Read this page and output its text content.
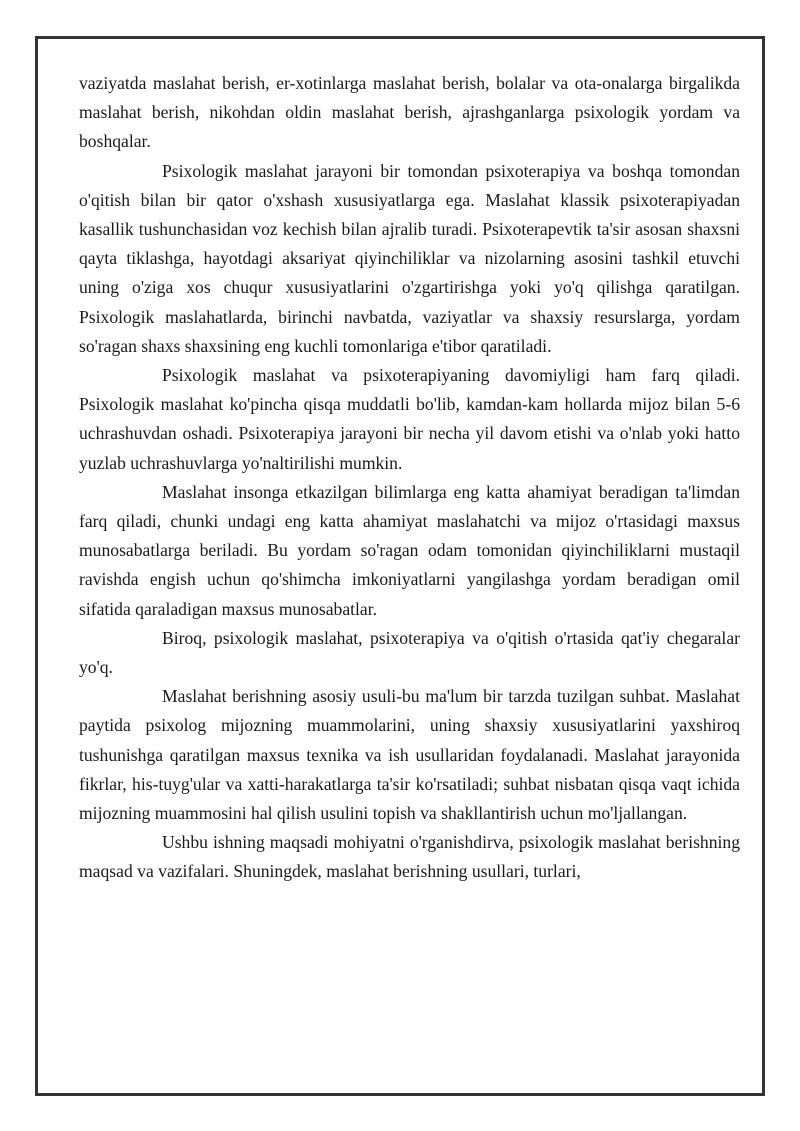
vaziyatda maslahat berish, er-xotinlarga maslahat berish, bolalar va ota-onalarga birgalikda maslahat berish, nikohdan oldin maslahat berish, ajrashganlarga psixologik yordam va boshqalar.

Psixologik maslahat jarayoni bir tomondan psixoterapiya va boshqa tomondan o'qitish bilan bir qator o'xshash xususiyatlarga ega. Maslahat klassik psixoterapiyadan kasallik tushunchasidan voz kechish bilan ajralib turadi. Psixoterapevtik ta'sir asosan shaxsni qayta tiklashga, hayotdagi aksariyat qiyinchiliklar va nizolarning asosini tashkil etuvchi uning o'ziga xos chuqur xususiyatlarini o'zgartirishga yoki yo'q qilishga qaratilgan. Psixologik maslahatlarda, birinchi navbatda, vaziyatlar va shaxsiy resurslarga, yordam so'ragan shaxs shaxsining eng kuchli tomonlariga e'tibor qaratiladi.

Psixologik maslahat va psixoterapiyaning davomiyligi ham farq qiladi. Psixologik maslahat ko'pincha qisqa muddatli bo'lib, kamdan-kam hollarda mijoz bilan 5-6 uchrashuvdan oshadi. Psixoterapiya jarayoni bir necha yil davom etishi va o'nlab yoki hatto yuzlab uchrashuvlarga yo'naltirilishi mumkin.

Maslahat insonga etkazilgan bilimlarga eng katta ahamiyat beradigan ta'limdan farq qiladi, chunki undagi eng katta ahamiyat maslahatchi va mijoz o'rtasidagi maxsus munosabatlarga beriladi. Bu yordam so'ragan odam tomonidan qiyinchiliklarni mustaqil ravishda engish uchun qo'shimcha imkoniyatlarni yangilashga yordam beradigan omil sifatida qaraladigan maxsus munosabatlar.

Biroq, psixologik maslahat, psixoterapiya va o'qitish o'rtasida qat'iy chegaralar yo'q.

Maslahat berishning asosiy usuli-bu ma'lum bir tarzda tuzilgan suhbat. Maslahat paytida psixolog mijozning muammolarini, uning shaxsiy xususiyatlarini yaxshiroq tushunishga qaratilgan maxsus texnika va ish usullaridan foydalanadi. Maslahat jarayonida fikrlar, his-tuyg'ular va xatti-harakatlarga ta'sir ko'rsatiladi; suhbat nisbatan qisqa vaqt ichida mijozning muammosini hal qilish usulini topish va shakllantirish uchun mo'ljallangan.

Ushbu ishning maqsadi mohiyatni o'rganishdirva, psixologik maslahat berishning maqsad va vazifalari. Shuningdek, maslahat berishning usullari, turlari,
